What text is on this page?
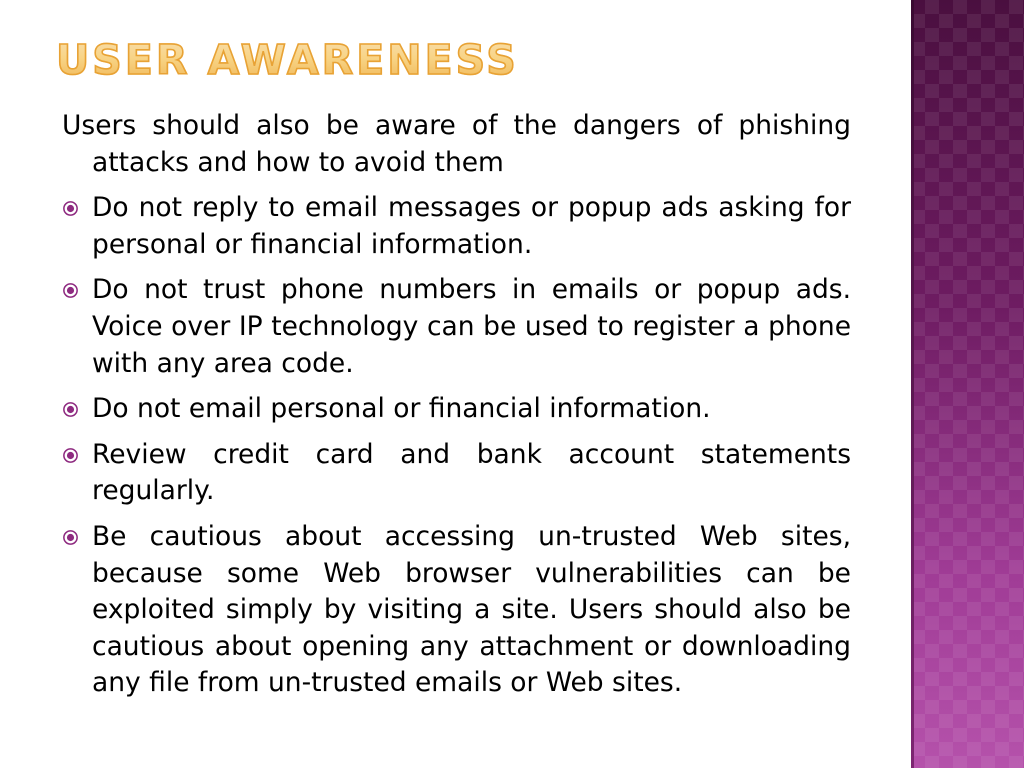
USER AWARENESS

Users should also be aware of the dangers of phishing attacks and how to avoid them

Do not reply to email messages or popup ads asking for personal or financial information.
Do not trust phone numbers in emails or popup ads. Voice over IP technology can be used to register a phone with any area code.
Do not email personal or financial information.
Review credit card and bank account statements regularly.
Be cautious about accessing un-trusted Web sites, because some Web browser vulnerabilities can be exploited simply by visiting a site. Users should also be cautious about opening any attachment or downloading any file from un-trusted emails or Web sites.
